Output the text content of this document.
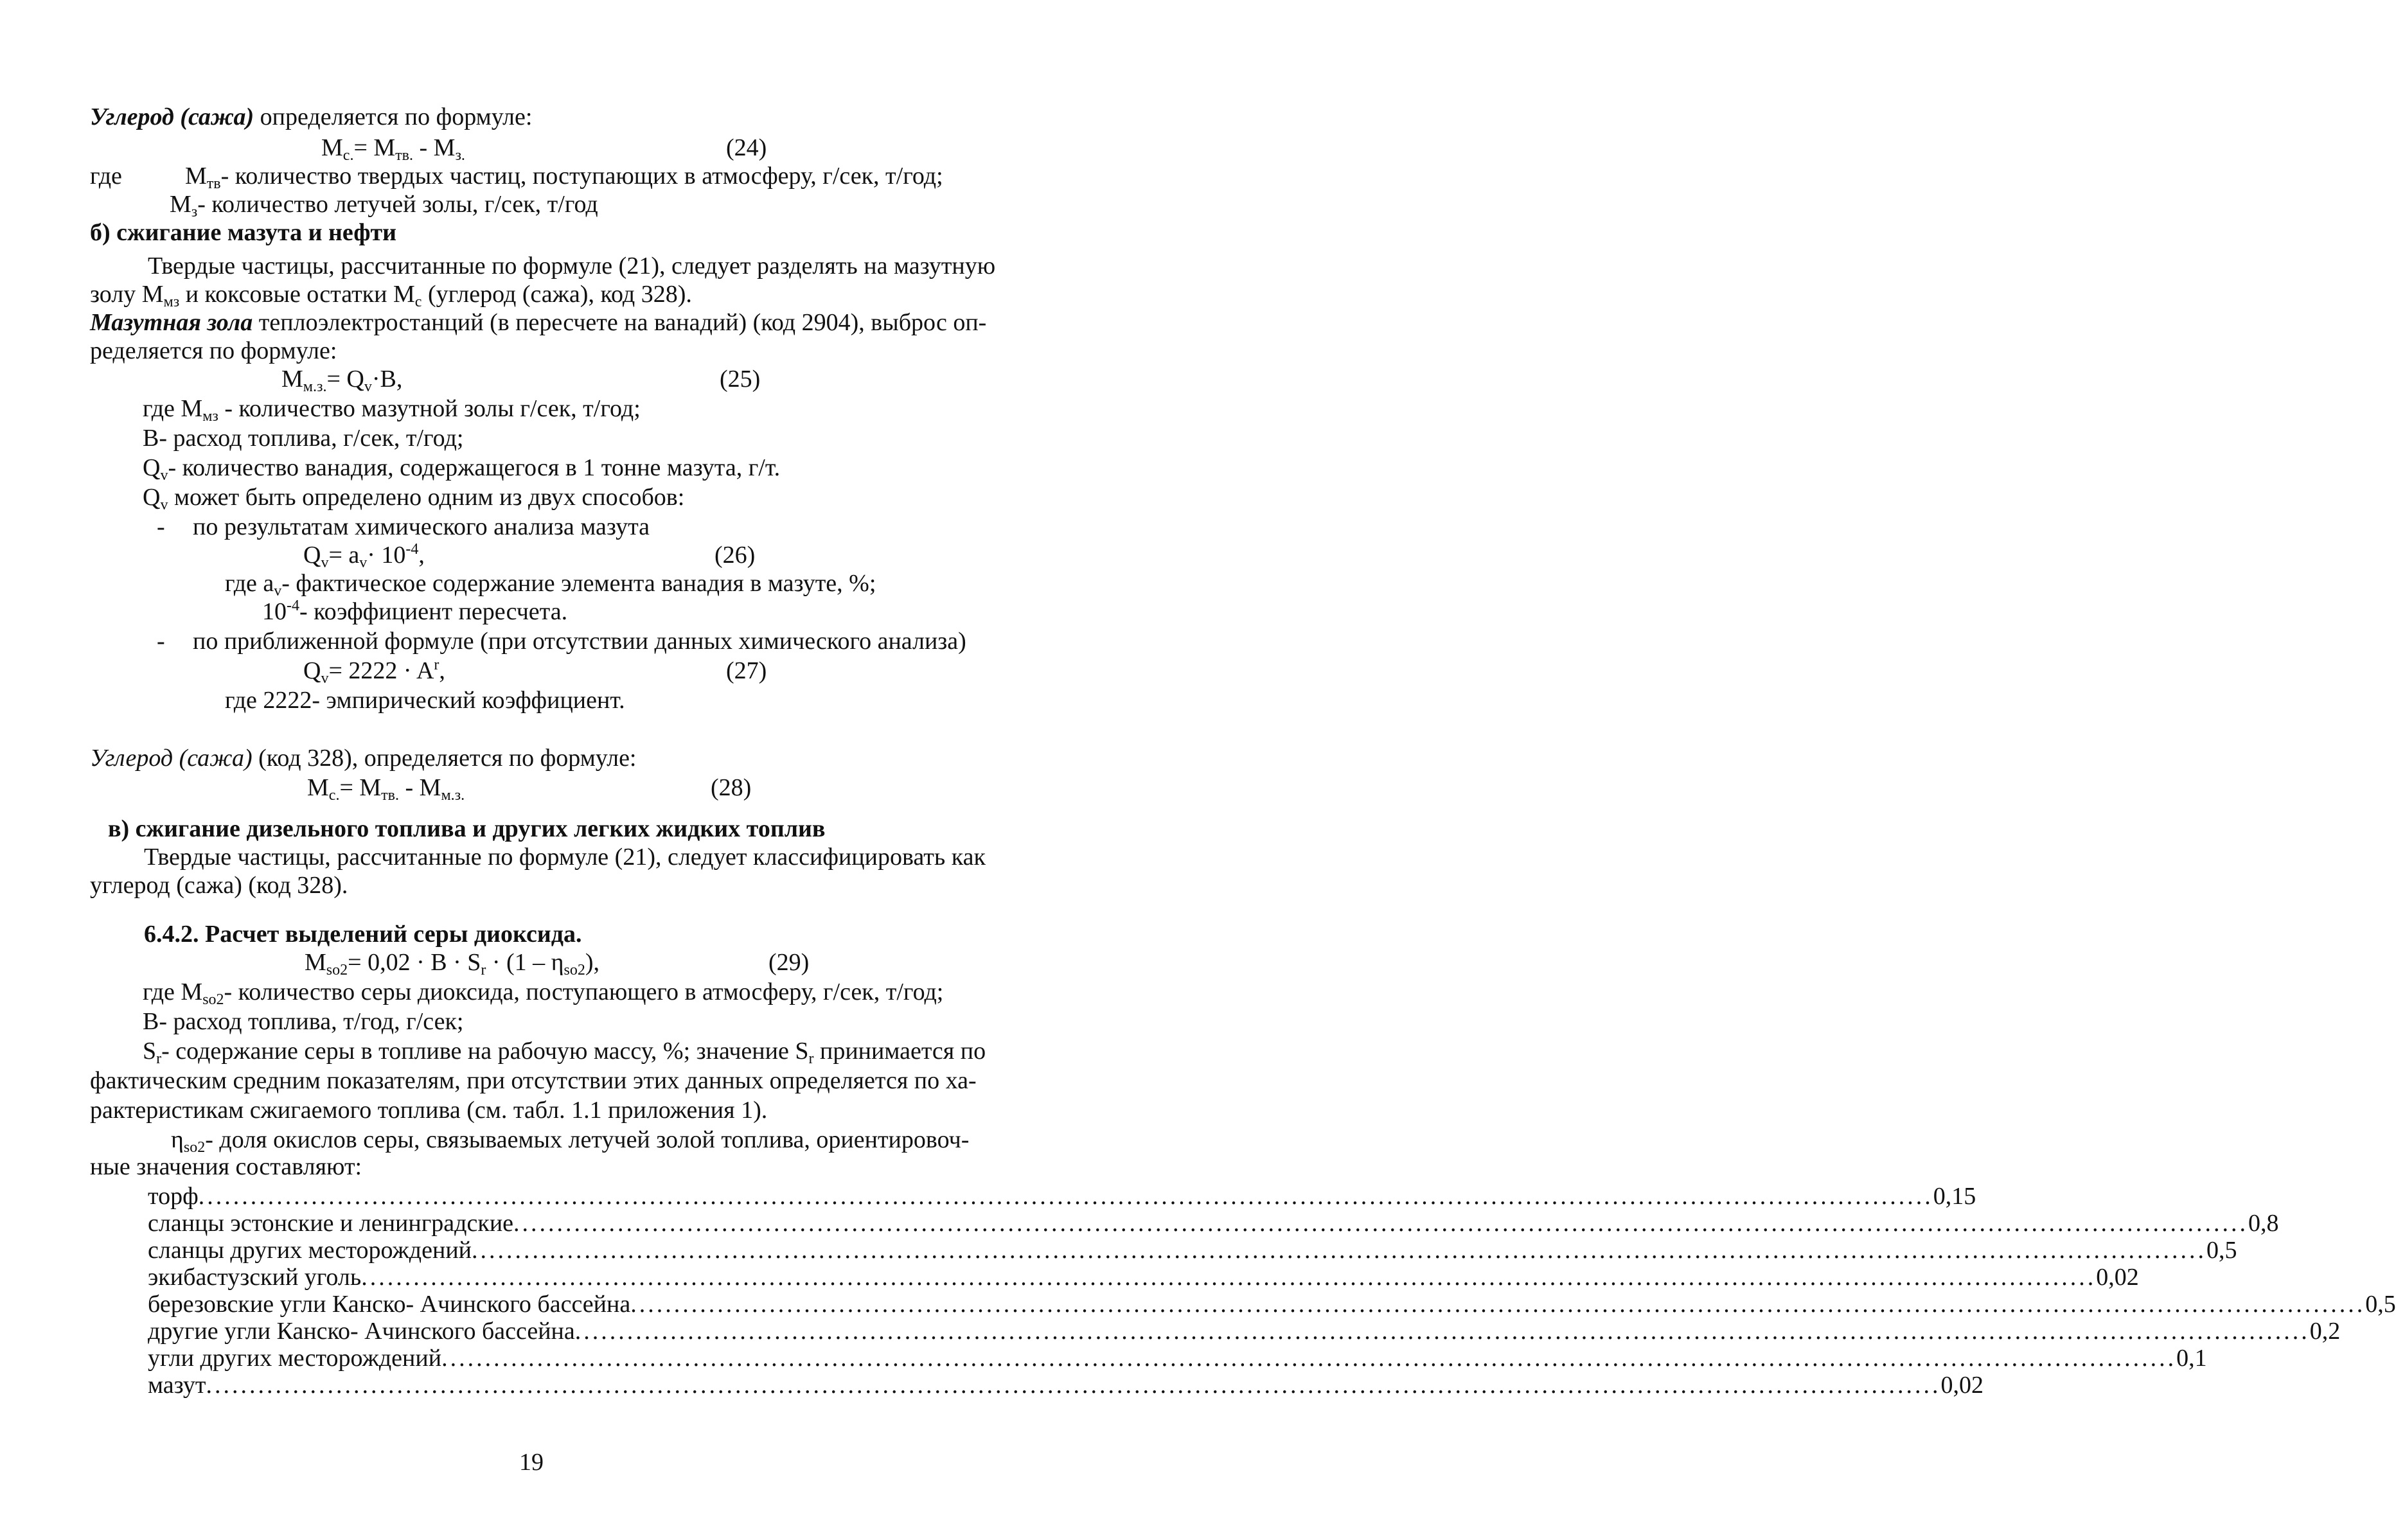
Углерод (сажа) определяется по формуле:
$M_{c.}= M_{тв.} - M_{з.}$	(24)
где	$M_{тв}-$ количество твердых частиц, поступающих в атмосферу, г/сек, т/год;
$M_з-$ количество летучей золы, г/сек, т/год
б) сжигание мазута и нефти
Твердые частицы, рассчитанные по формуле (21), следует разделять на мазутную
золу $M_{мз}$ и коксовые остатки $M_c$ (углерод (сажа), код 328).
Мазутная зола теплоэлектростанций (в пересчете на ванадий) (код 2904), выброс оп-
ределяется по формуле:
$M_{м.з.}= Q_v\cdot B$,	(25)
где $M_{мз}$ - количество мазутной золы г/сек, т/год;
В- расход топлива, г/сек, т/год;
$Q_v-$ количество ванадия, содержащегося в 1 тонне мазута, г/т.
$Q_v$ может быть определено одним из двух способов:
- по результатам химического анализа мазута
$Q_v= a_v\cdot 10^{-4}$,	(26)
где $a_v-$ фактическое содержание элемента ванадия в мазуте, %;
$10^{-4}-$ коэффициент пересчета.
- по приближенной формуле (при отсутствии данных химического анализа)
$Q_v= 2222 \cdot A^r$,	(27)
где 2222- эмпирический коэффициент.
Углерод (сажа) (код 328), определяется по формуле:
$M_{c.}= M_{тв.} - M_{м.з.}$	(28)
в) сжигание дизельного топлива и других легких жидких топлив
Твердые частицы, рассчитанные по формуле (21), следует классифицировать как
углерод (сажа) (код 328).
6.4.2. Расчет выделений серы диоксида.
$M_{so2}= 0,02 \cdot B \cdot S_r \cdot (1 - \eta_{so2})$,	(29)
где $M_{so2}-$ количество серы диоксида, поступающего в атмосферу, г/сек, т/год;
В- расход топлива, т/год, г/сек;
$S_r-$ содержание серы в топливе на рабочую массу, %; значение $S_r$ принимается по
фактическим средним показателям, при отсутствии этих данных определяется по ха-
рактеристикам сжигаемого топлива (см. табл. 1.1 приложения 1).
$\eta_{so2}-$ доля окислов серы, связываемых летучей золой топлива, ориентировоч-
ные значения составляют:
торф ........................................................................................................................................................................................................ 0,15
сланцы эстонские и ленинградские ........................................................................................................................................................................................................ 0,8
сланцы других месторождений ........................................................................................................................................................................................................ 0,5
экибастузский уголь ........................................................................................................................................................................................................ 0,02
березовские угли Канско- Ачинского бассейна ........................................................................................................................................................................................................ 0,5
другие угли Канско- Ачинского бассейна ........................................................................................................................................................................................................ 0,2
угли других месторождений ........................................................................................................................................................................................................ 0,1
мазут ........................................................................................................................................................................................................ 0,02
19
